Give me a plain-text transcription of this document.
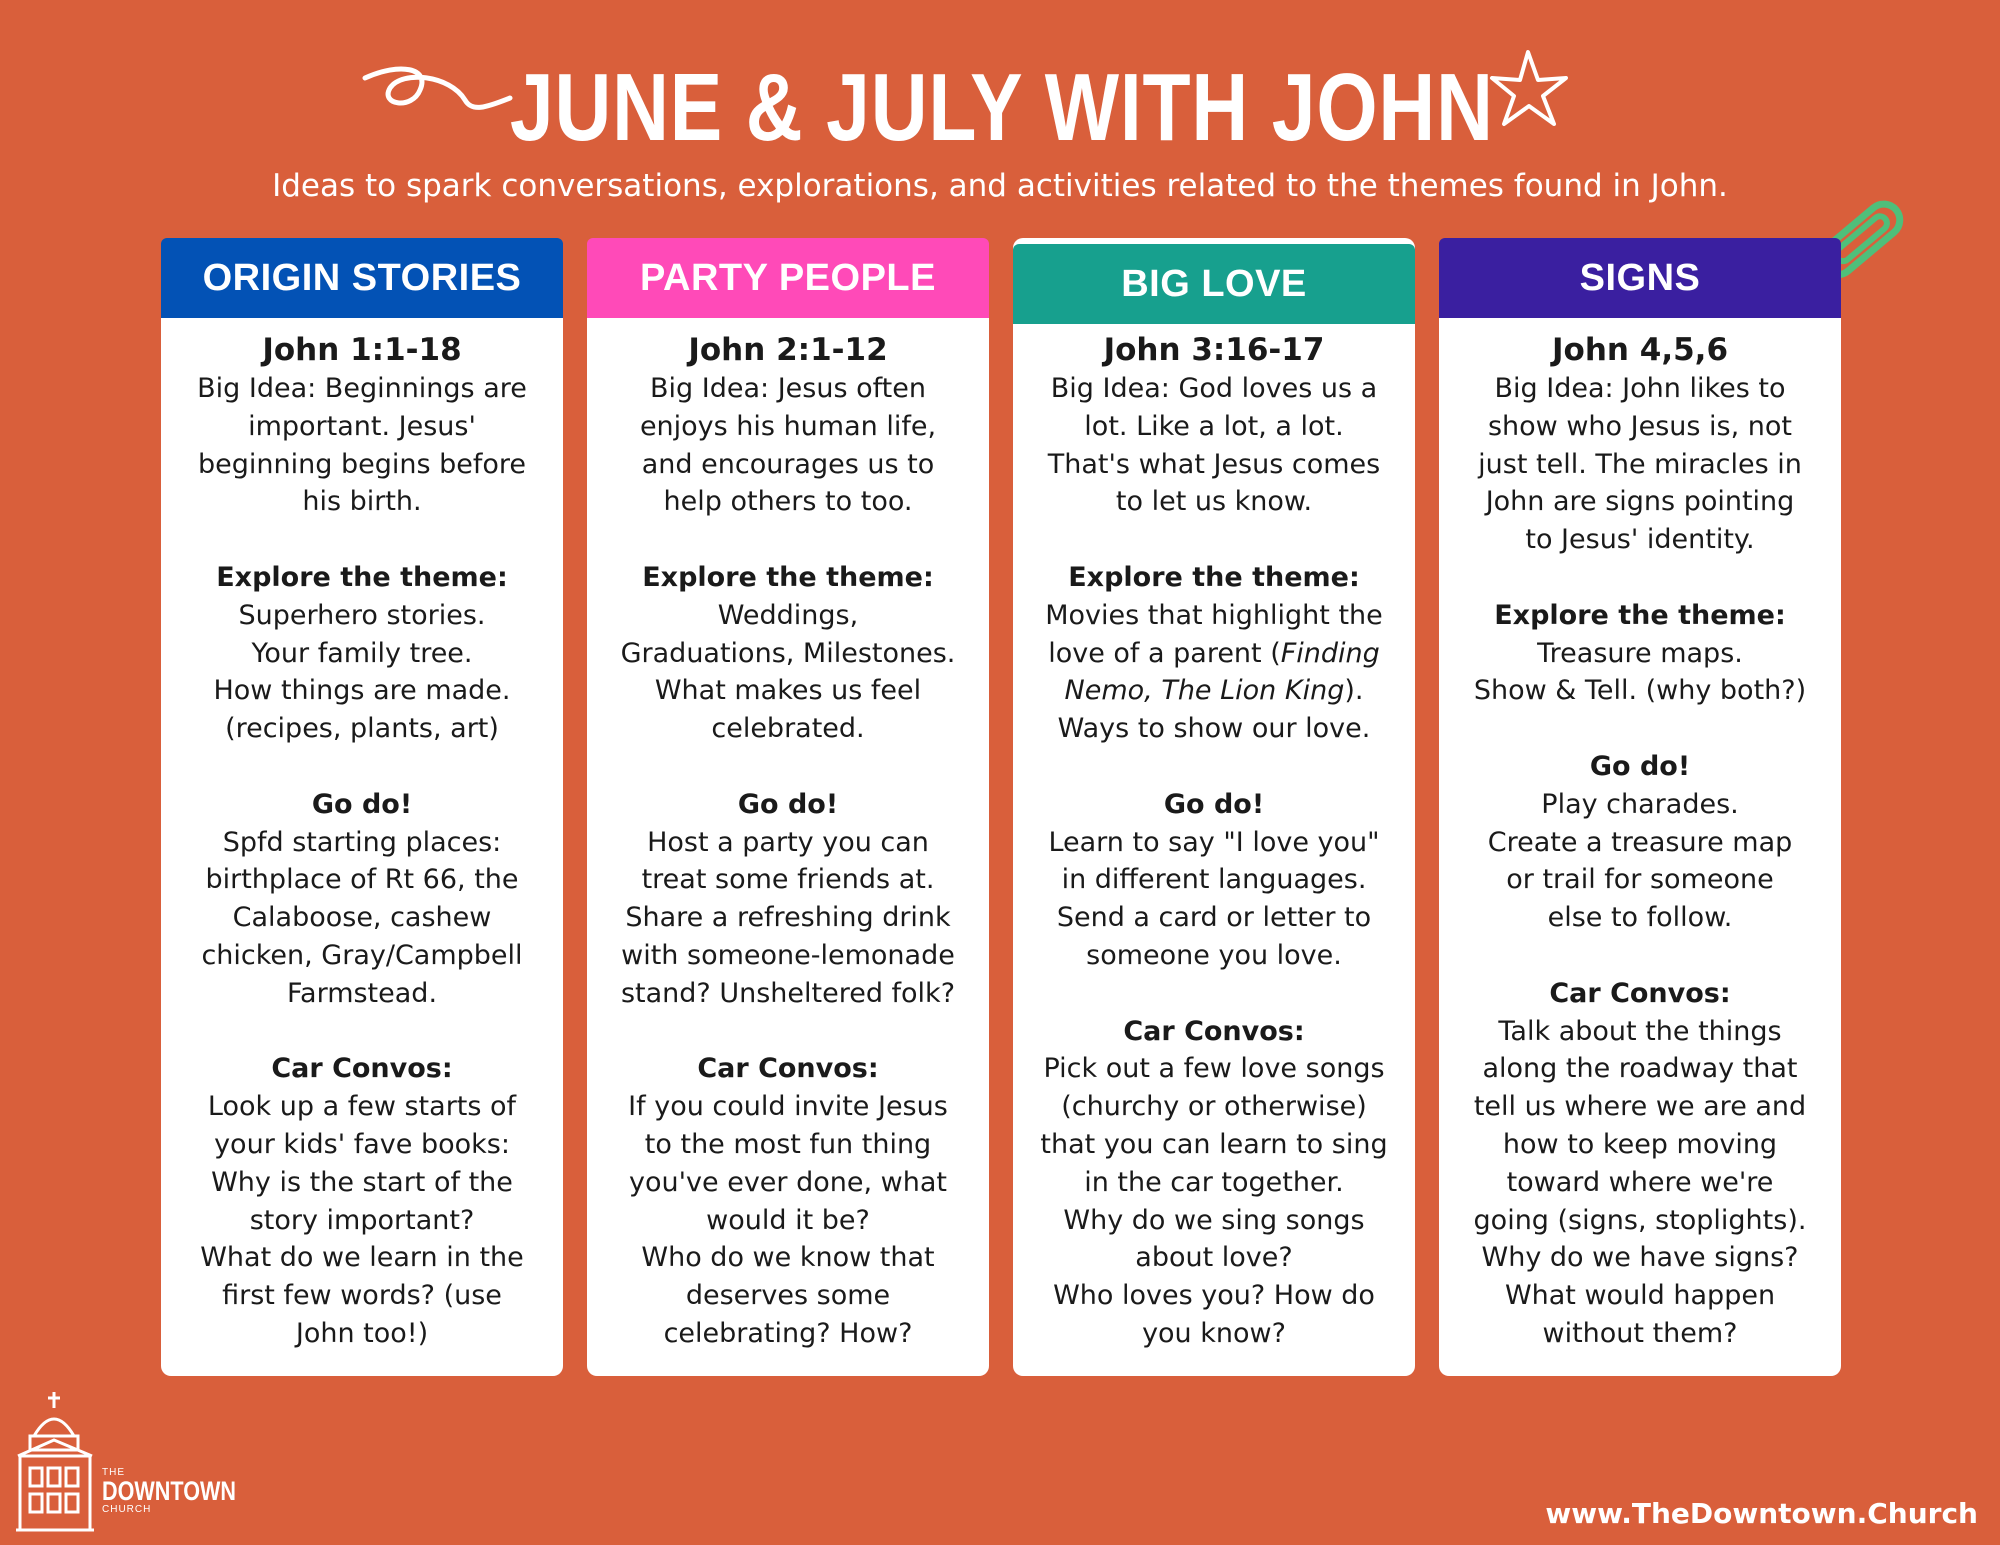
JUNE & JULY WITH JOHN
Ideas to spark conversations, explorations, and activities related to the themes found in John.
ORIGIN STORIES
John 1:1-18
Big Idea: Beginnings are
important. Jesus'
beginning begins before
his birth.
Explore the theme:
Superhero stories.
Your family tree.
How things are made.
(recipes, plants, art)
Go do!
Spfd starting places:
birthplace of Rt 66, the
Calaboose, cashew
chicken, Gray/Campbell
Farmstead.
Car Convos:
Look up a few starts of
your kids' fave books:
Why is the start of the
story important?
What do we learn in the
first few words? (use
John too!)
PARTY PEOPLE
John 2:1-12
Big Idea: Jesus often
enjoys his human life,
and encourages us to
help others to too.
Explore the theme:
Weddings,
Graduations, Milestones.
What makes us feel
celebrated.
Go do!
Host a party you can
treat some friends at.
Share a refreshing drink
with someone-lemonade
stand? Unsheltered folk?
Car Convos:
If you could invite Jesus
to the most fun thing
you've ever done, what
would it be?
Who do we know that
deserves some
celebrating? How?
BIG LOVE
John 3:16-17
Big Idea: God loves us a
lot. Like a lot, a lot.
That's what Jesus comes
to let us know.
Explore the theme:
Movies that highlight the
love of a parent (Finding
Nemo, The Lion King).
Ways to show our love.
Go do!
Learn to say "I love you"
in different languages.
Send a card or letter to
someone you love.
Car Convos:
Pick out a few love songs
(churchy or otherwise)
that you can learn to sing
in the car together.
Why do we sing songs
about love?
Who loves you? How do
you know?
SIGNS
John 4,5,6
Big Idea: John likes to
show who Jesus is, not
just tell. The miracles in
John are signs pointing
to Jesus' identity.
Explore the theme:
Treasure maps.
Show & Tell. (why both?)
Go do!
Play charades.
Create a treasure map
or trail for someone
else to follow.
Car Convos:
Talk about the things
along the roadway that
tell us where we are and
how to keep moving
toward where we're
going (signs, stoplights).
Why do we have signs?
What would happen
without them?
THE
DOWNTOWN
CHURCH	www.TheDowntown.Church
